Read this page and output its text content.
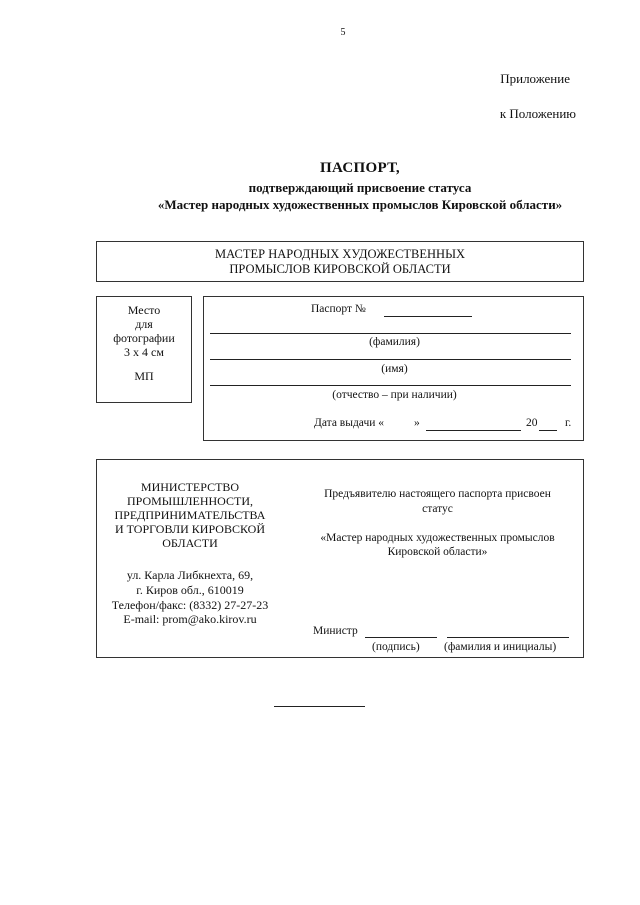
5
Приложение
к Положению
ПАСПОРТ,
подтверждающий присвоение статуса
«Мастер народных художественных промыслов Кировской области»
МАСТЕР НАРОДНЫХ ХУДОЖЕСТВЕННЫХ
ПРОМЫСЛОВ КИРОВСКОЙ ОБЛАСТИ
Место
для
фотографии
3 х 4 см
МП
Паспорт №
(фамилия)
(имя)
(отчество – при наличии)
Дата выдачи «	»	20 г.
МИНИСТЕРСТВО
ПРОМЫШЛЕННОСТИ,
ПРЕДПРИНИМАТЕЛЬСТВА
И ТОРГОВЛИ КИРОВСКОЙ
ОБЛАСТИ
ул. Карла Либкнехта, 69,
г. Киров обл., 610019
Телефон/факс: (8332) 27-27-23
E-mail: prom@ako.kirov.ru
Предъявителю настоящего паспорта присвоен
статус
«Мастер народных художественных промыслов
Кировской области»
Министр
(подпись) (фамилия и инициалы)
